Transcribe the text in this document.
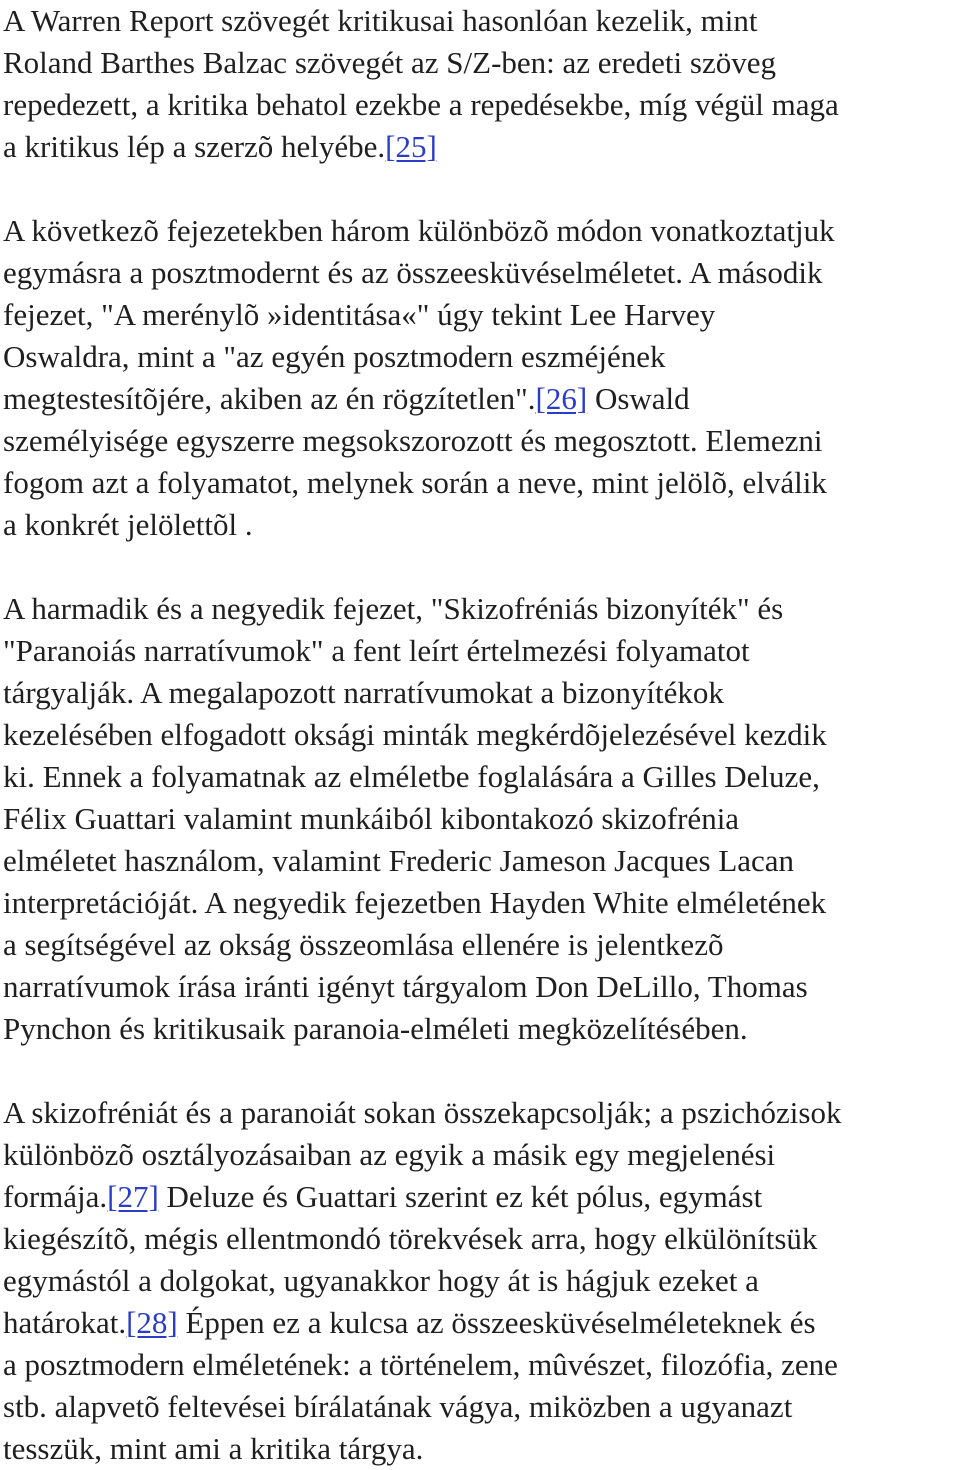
A Warren Report szövegét kritikusai hasonlóan kezelik, mint
Roland Barthes Balzac szövegét az S/Z-ben: az eredeti szöveg
repedezett, a kritika behatol ezekbe a repedésekbe, míg végül maga
a kritikus lép a szerzõ helyébe.[25]
A következõ fejezetekben három különbözõ módon vonatkoztatjuk
egymásra a posztmodernt és az összeesküvéselméletet. A második
fejezet, "A merénylõ »identitása«" úgy tekint Lee Harvey
Oswaldra, mint a "az egyén posztmodern eszméjének
megtestesítõjére, akiben az én rögzítetlen".[26] Oswald
személyisége egyszerre megsokszorozott és megosztott. Elemezni
fogom azt a folyamatot, melynek során a neve, mint jelölõ, elválik
a konkrét jelölettõl .
A harmadik és a negyedik fejezet, "Skizofréniás bizonyíték" és
"Paranoiás narratívumok" a fent leírt értelmezési folyamatot
tárgyalják. A megalapozott narratívumokat a bizonyítékok
kezelésében elfogadott oksági minták megkérdõjelezésével kezdik
ki. Ennek a folyamatnak az elméletbe foglalására a Gilles Deluze,
Félix Guattari valamint munkáiból kibontakozó skizofrénia
elméletet használom, valamint Frederic Jameson Jacques Lacan
interpretációját. A negyedik fejezetben Hayden White elméletének
a segítségével az okság összeomlása ellenére is jelentkezõ
narratívumok írása iránti igényt tárgyalom Don DeLillo, Thomas
Pynchon és kritikusaik paranoia-elméleti megközelítésében.
A skizofréniát és a paranoiát sokan összekapcsolják; a pszichózisok
különbözõ osztályozásaiban az egyik a másik egy megjelenési
formája.[27] Deluze és Guattari szerint ez két pólus, egymást
kiegészítõ, mégis ellentmondó törekvések arra, hogy elkülönítsük
egymástól a dolgokat, ugyanakkor hogy át is hágjuk ezeket a
határokat.[28] Éppen ez a kulcsa az összeesküvéselméleteknek és
a posztmodern elméletének: a történelem, mûvészet, filozófia, zene
stb. alapvetõ feltevései bírálatának vágya, miközben a ugyanazt
tesszük, mint ami a kritika tárgya.
